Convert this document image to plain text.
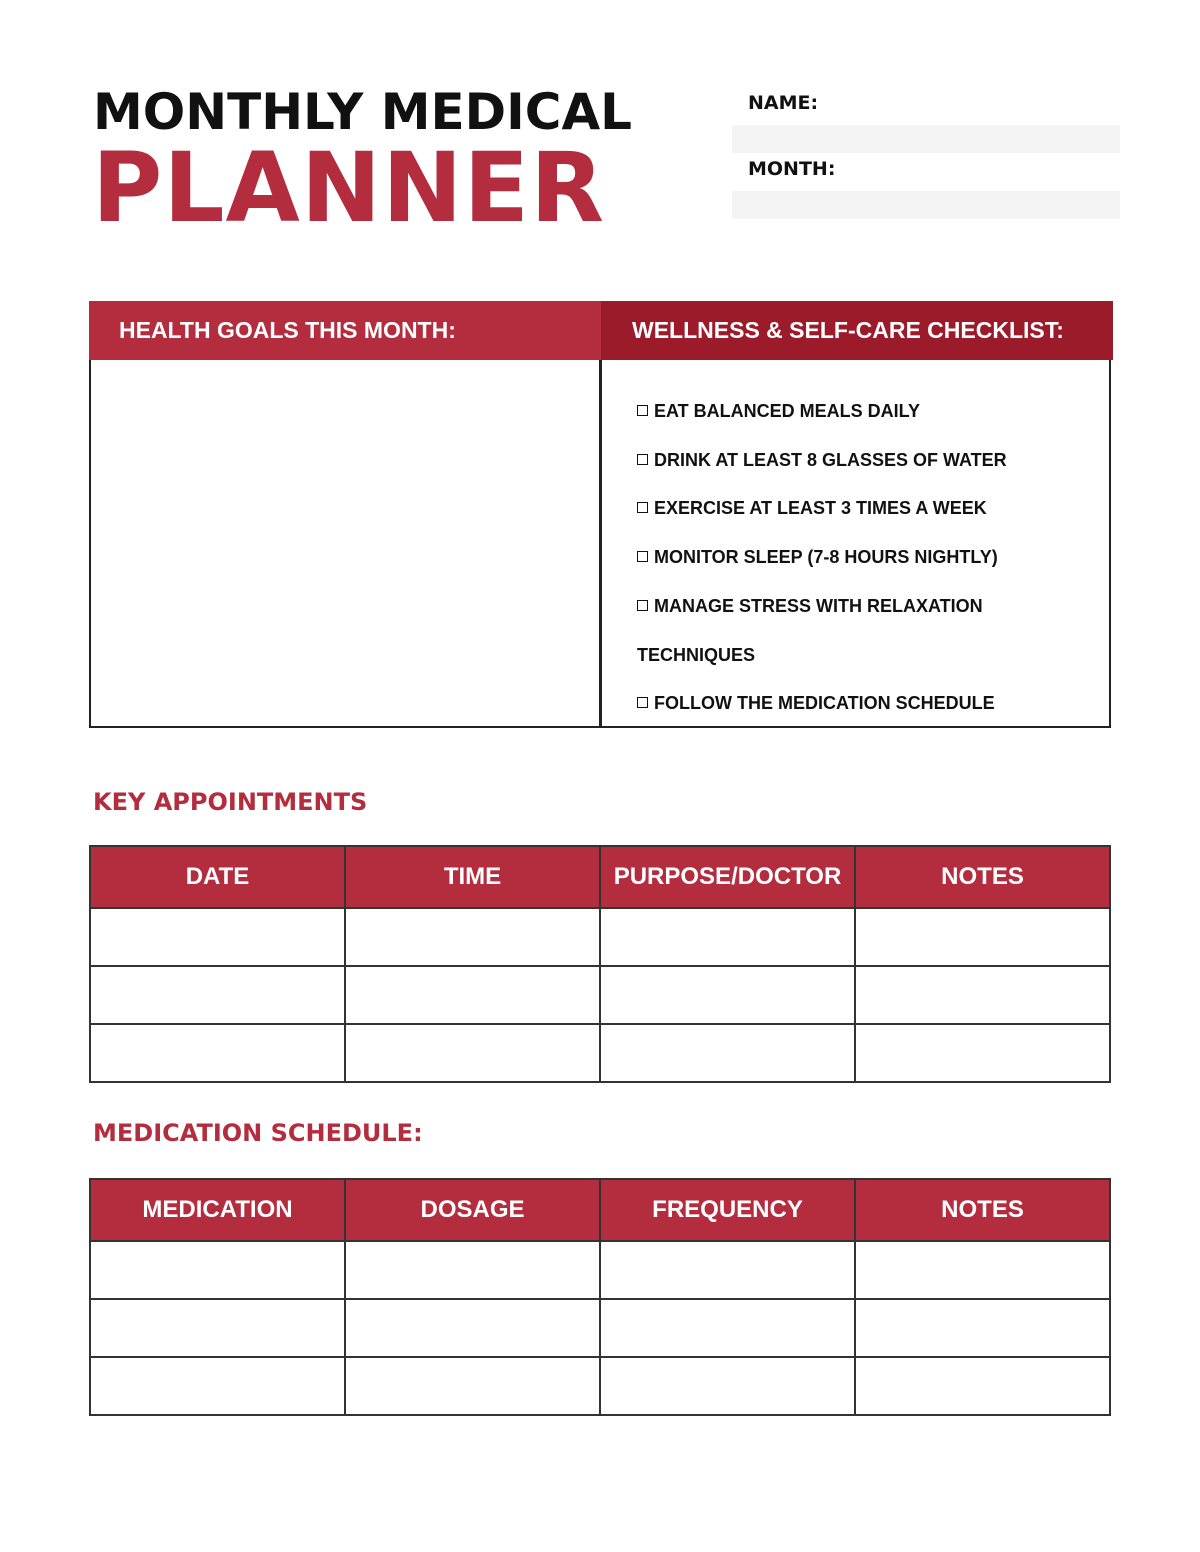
MONTHLY MEDICAL
PLANNER
NAME:
MONTH:
HEALTH GOALS THIS MONTH:	WELLNESS & SELF-CARE CHECKLIST:
EAT BALANCED MEALS DAILY
DRINK AT LEAST 8 GLASSES OF WATER
EXERCISE AT LEAST 3 TIMES A WEEK
MONITOR SLEEP (7-8 HOURS NIGHTLY)
MANAGE STRESS WITH RELAXATION
TECHNIQUES
FOLLOW THE MEDICATION SCHEDULE
KEY APPOINTMENTS
DATE	TIME	PURPOSE/DOCTOR	NOTES

MEDICATION SCHEDULE:
MEDICATION	DOSAGE	FREQUENCY	NOTES
